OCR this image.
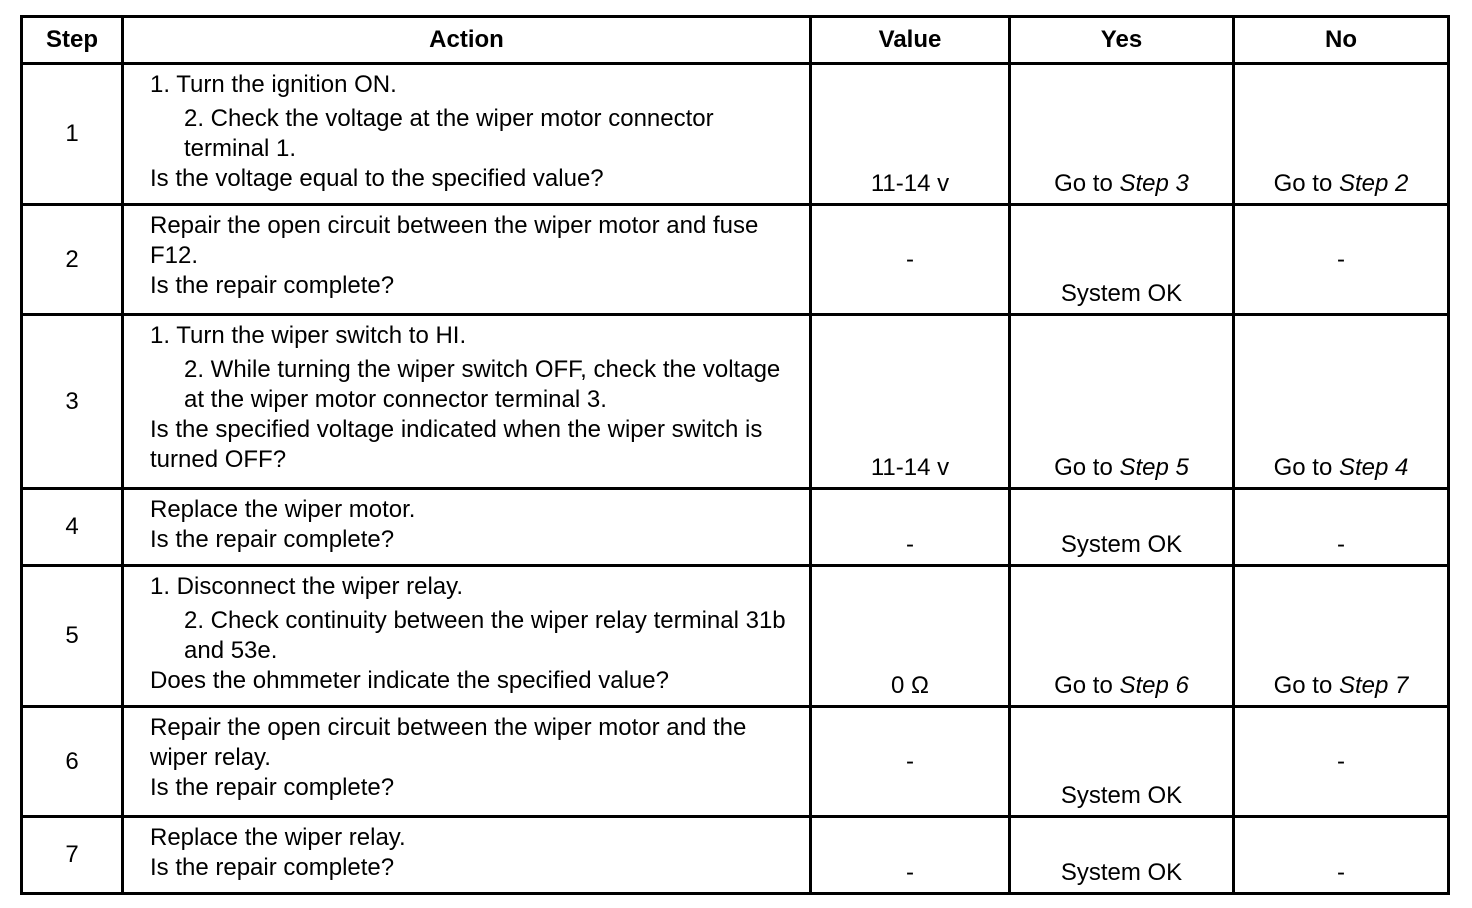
Step	Action	Value	Yes	No
1	1. Turn the ignition ON.
2. Check the voltage at the wiper motor connector terminal 1.
Is the voltage equal to the specified value?	11-14 v	Go to Step 3	Go to Step 2
2	Repair the open circuit between the wiper motor and fuse F12.
Is the repair complete?	-	System OK	-
3	1. Turn the wiper switch to HI.
2. While turning the wiper switch OFF, check the voltage at the wiper motor connector terminal 3.
Is the specified voltage indicated when the wiper switch is turned OFF?	11-14 v	Go to Step 5	Go to Step 4
4	Replace the wiper motor.
Is the repair complete?	-	System OK	-
5	1. Disconnect the wiper relay.
2. Check continuity between the wiper relay terminal 31b and 53e.
Does the ohmmeter indicate the specified value?	0 Ω	Go to Step 6	Go to Step 7
6	Repair the open circuit between the wiper motor and the wiper relay.
Is the repair complete?	-	System OK	-
7	Replace the wiper relay.
Is the repair complete?	-	System OK	-
